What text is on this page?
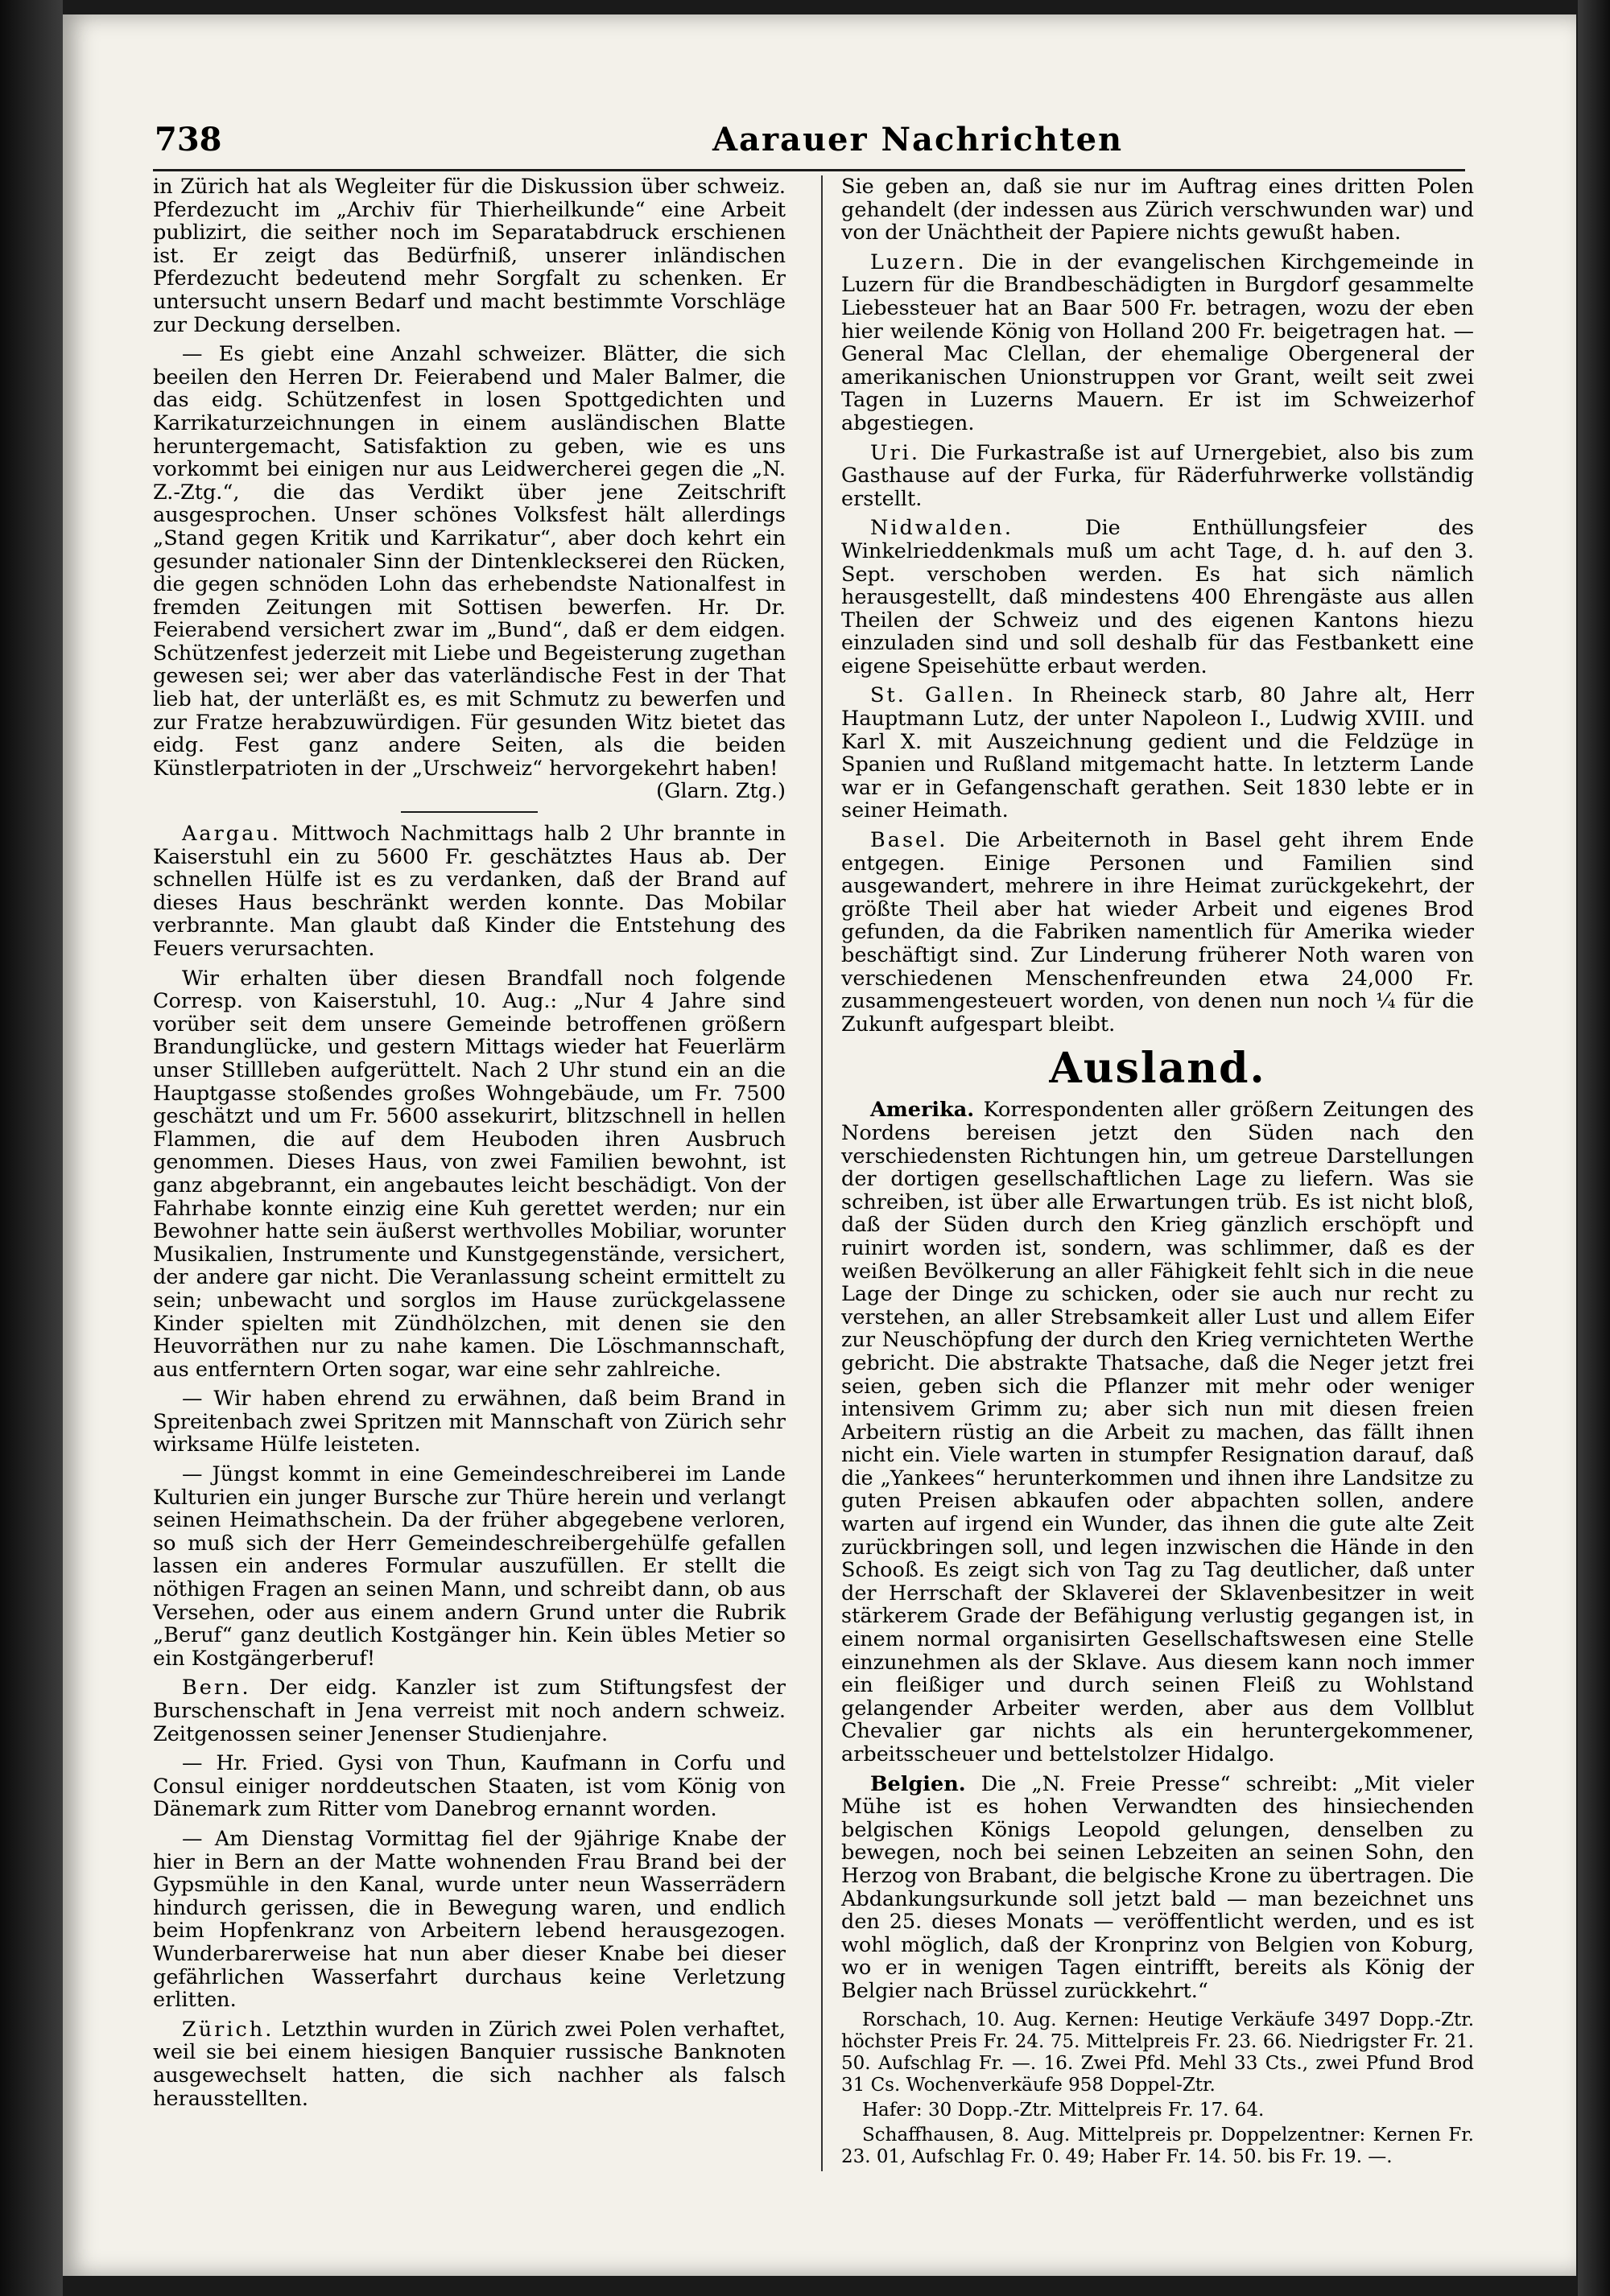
738	Aarauer Nachrichten

in Zürich hat als Wegleiter für die Diskussion über schweiz. Pferdezucht im „Archiv für Thierheilkunde“ eine Arbeit publizirt, die seither noch im Separatabdruck erschienen ist. Er zeigt das Bedürfniß, unserer inländischen Pferdezucht bedeutend mehr Sorgfalt zu schenken. Er untersucht unsern Bedarf und macht bestimmte Vorschläge zur Deckung derselben.

— Es giebt eine Anzahl schweizer. Blätter, die sich beeilen den Herren Dr. Feierabend und Maler Balmer, die das eidg. Schützenfest in losen Spottgedichten und Karrikaturzeichnungen in einem ausländischen Blatte heruntergemacht, Satisfaktion zu geben, wie es uns vorkommt bei einigen nur aus Leidwercherei gegen die „N. Z.-Ztg.“, die das Verdikt über jene Zeitschrift ausgesprochen. Unser schönes Volksfest hält allerdings „Stand gegen Kritik und Karrikatur“, aber doch kehrt ein gesunder nationaler Sinn der Dintenkleckserei den Rücken, die gegen schnöden Lohn das erhebendste Nationalfest in fremden Zeitungen mit Sottisen bewerfen. Hr. Dr. Feierabend versichert zwar im „Bund“, daß er dem eidgen. Schützenfest jederzeit mit Liebe und Begeisterung zugethan gewesen sei; wer aber das vaterländische Fest in der That lieb hat, der unterläßt es, es mit Schmutz zu bewerfen und zur Fratze herabzuwürdigen. Für gesunden Witz bietet das eidg. Fest ganz andere Seiten, als die beiden Künstlerpatrioten in der „Urschweiz“ hervorgekehrt haben!
(Glarn. Ztg.)

Aargau. Mittwoch Nachmittags halb 2 Uhr brannte in Kaiserstuhl ein zu 5600 Fr. geschätztes Haus ab. Der schnellen Hülfe ist es zu verdanken, daß der Brand auf dieses Haus beschränkt werden konnte. Das Mobilar verbrannte. Man glaubt daß Kinder die Entstehung des Feuers verursachten.

Wir erhalten über diesen Brandfall noch folgende Corresp. von Kaiserstuhl, 10. Aug.: „Nur 4 Jahre sind vorüber seit dem unsere Gemeinde betroffenen größern Brandunglücke, und gestern Mittags wieder hat Feuerlärm unser Stillleben aufgerüttelt. Nach 2 Uhr stund ein an die Hauptgasse stoßendes großes Wohngebäude, um Fr. 7500 geschätzt und um Fr. 5600 assekurirt, blitzschnell in hellen Flammen, die auf dem Heuboden ihren Ausbruch genommen. Dieses Haus, von zwei Familien bewohnt, ist ganz abgebrannt, ein angebautes leicht beschädigt. Von der Fahrhabe konnte einzig eine Kuh gerettet werden; nur ein Bewohner hatte sein äußerst werthvolles Mobiliar, worunter Musikalien, Instrumente und Kunstgegenstände, versichert, der andere gar nicht. Die Veranlassung scheint ermittelt zu sein; unbewacht und sorglos im Hause zurückgelassene Kinder spielten mit Zündhölzchen, mit denen sie den Heuvorräthen nur zu nahe kamen. Die Löschmannschaft, aus entferntern Orten sogar, war eine sehr zahlreiche.

— Wir haben ehrend zu erwähnen, daß beim Brand in Spreitenbach zwei Spritzen mit Mannschaft von Zürich sehr wirksame Hülfe leisteten.

— Jüngst kommt in eine Gemeindeschreiberei im Lande Kulturien ein junger Bursche zur Thüre herein und verlangt seinen Heimathschein. Da der früher abgegebene verloren, so muß sich der Herr Gemeindeschreibergehülfe gefallen lassen ein anderes Formular auszufüllen. Er stellt die nöthigen Fragen an seinen Mann, und schreibt dann, ob aus Versehen, oder aus einem andern Grund unter die Rubrik „Beruf“ ganz deutlich Kostgänger hin. Kein übles Metier so ein Kostgängerberuf!

Bern. Der eidg. Kanzler ist zum Stiftungsfest der Burschenschaft in Jena verreist mit noch andern schweiz. Zeitgenossen seiner Jenenser Studienjahre.

— Hr. Fried. Gysi von Thun, Kaufmann in Corfu und Consul einiger norddeutschen Staaten, ist vom König von Dänemark zum Ritter vom Danebrog ernannt worden.

— Am Dienstag Vormittag fiel der 9jährige Knabe der hier in Bern an der Matte wohnenden Frau Brand bei der Gypsmühle in den Kanal, wurde unter neun Wasserrädern hindurch gerissen, die in Bewegung waren, und endlich beim Hopfenkranz von Arbeitern lebend herausgezogen. Wunderbarerweise hat nun aber dieser Knabe bei dieser gefährlichen Wasserfahrt durchaus keine Verletzung erlitten.

Zürich. Letzthin wurden in Zürich zwei Polen verhaftet, weil sie bei einem hiesigen Banquier russische Banknoten ausgewechselt hatten, die sich nachher als falsch herausstellten.

Sie geben an, daß sie nur im Auftrag eines dritten Polen gehandelt (der indessen aus Zürich verschwunden war) und von der Unächtheit der Papiere nichts gewußt haben.

Luzern. Die in der evangelischen Kirchgemeinde in Luzern für die Brandbeschädigten in Burgdorf gesammelte Liebessteuer hat an Baar 500 Fr. betragen, wozu der eben hier weilende König von Holland 200 Fr. beigetragen hat. — General Mac Clellan, der ehemalige Obergeneral der amerikanischen Unionstruppen vor Grant, weilt seit zwei Tagen in Luzerns Mauern. Er ist im Schweizerhof abgestiegen.

Uri. Die Furkastraße ist auf Urnergebiet, also bis zum Gasthause auf der Furka, für Räderfuhrwerke vollständig erstellt.

Nidwalden.	Die Enthüllungsfeier des Winkelrieddenkmals muß um acht Tage, d. h. auf den 3. Sept. verschoben werden. Es hat sich nämlich herausgestellt, daß mindestens 400 Ehrengäste aus allen Theilen der Schweiz und des eigenen Kantons hiezu einzuladen sind und soll deshalb für das Festbankett eine eigene Speisehütte erbaut werden.

St. Gallen. In Rheineck starb, 80 Jahre alt, Herr Hauptmann Lutz, der unter Napoleon I., Ludwig XVIII. und Karl X. mit Auszeichnung gedient und die Feldzüge in Spanien und Rußland mitgemacht hatte. In letzterm Lande war er in Gefangenschaft gerathen. Seit 1830 lebte er in seiner Heimath.

Basel. Die Arbeiternoth in Basel geht ihrem Ende entgegen. Einige Personen und Familien sind ausgewandert, mehrere in ihre Heimat zurückgekehrt, der größte Theil aber hat wieder Arbeit und eigenes Brod gefunden, da die Fabriken namentlich für Amerika wieder beschäftigt sind. Zur Linderung früherer Noth waren von verschiedenen Menschenfreunden etwa 24,000 Fr. zusammengesteuert worden, von denen nun noch ¼ für die Zukunft aufgespart bleibt.

Ausland.

Amerika. Korrespondenten aller größern Zeitungen des Nordens bereisen jetzt den Süden nach den verschiedensten Richtungen hin, um getreue Darstellungen der dortigen gesellschaftlichen Lage zu liefern. Was sie schreiben, ist über alle Erwartungen trüb. Es ist nicht bloß, daß der Süden durch den Krieg gänzlich erschöpft und ruinirt worden ist, sondern, was schlimmer, daß es der weißen Bevölkerung an aller Fähigkeit fehlt sich in die neue Lage der Dinge zu schicken, oder sie auch nur recht zu verstehen, an aller Strebsamkeit aller Lust und allem Eifer zur Neuschöpfung der durch den Krieg vernichteten Werthe gebricht. Die abstrakte Thatsache, daß die Neger jetzt frei seien, geben sich die Pflanzer mit mehr oder weniger intensivem Grimm zu; aber sich nun mit diesen freien Arbeitern rüstig an die Arbeit zu machen, das fällt ihnen nicht ein. Viele warten in stumpfer Resignation darauf, daß die „Yankees“ herunterkommen und ihnen ihre Landsitze zu guten Preisen abkaufen oder abpachten sollen, andere warten auf irgend ein Wunder, das ihnen die gute alte Zeit zurückbringen soll, und legen inzwischen die Hände in den Schooß. Es zeigt sich von Tag zu Tag deutlicher, daß unter der Herrschaft der Sklaverei der Sklavenbesitzer in weit stärkerem Grade der Befähigung verlustig gegangen ist, in einem normal organisirten Gesellschaftswesen eine Stelle einzunehmen als der Sklave. Aus diesem kann noch immer ein fleißiger und durch seinen Fleiß zu Wohlstand gelangender Arbeiter werden, aber aus dem Vollblut Chevalier gar nichts als ein heruntergekommener, arbeitsscheuer und bettelstolzer Hidalgo.

Belgien. Die „N. Freie Presse“ schreibt: „Mit vieler Mühe ist es hohen Verwandten des hinsiechenden belgischen Königs Leopold gelungen, denselben zu bewegen, noch bei seinen Lebzeiten an seinen Sohn, den Herzog von Brabant, die belgische Krone zu übertragen. Die Abdankungsurkunde soll jetzt bald — man bezeichnet uns den 25. dieses Monats — veröffentlicht werden, und es ist wohl möglich, daß der Kronprinz von Belgien von Koburg, wo er in wenigen Tagen eintrifft, bereits als König der Belgier nach Brüssel zurückkehrt.“

Rorschach, 10. Aug. Kernen: Heutige Verkäufe 3497 Dopp.-Ztr. höchster Preis Fr. 24. 75. Mittelpreis Fr. 23. 66. Niedrigster Fr. 21. 50. Aufschlag Fr. —. 16. Zwei Pfd. Mehl 33 Cts., zwei Pfund Brod 31 Cs. Wochenverkäufe 958 Doppel-Ztr.

Hafer: 30 Dopp.-Ztr. Mittelpreis Fr. 17. 64.

Schaffhausen, 8. Aug. Mittelpreis pr. Doppelzentner: Kernen Fr. 23. 01, Aufschlag Fr. 0. 49; Haber Fr. 14. 50. bis Fr. 19. —.
